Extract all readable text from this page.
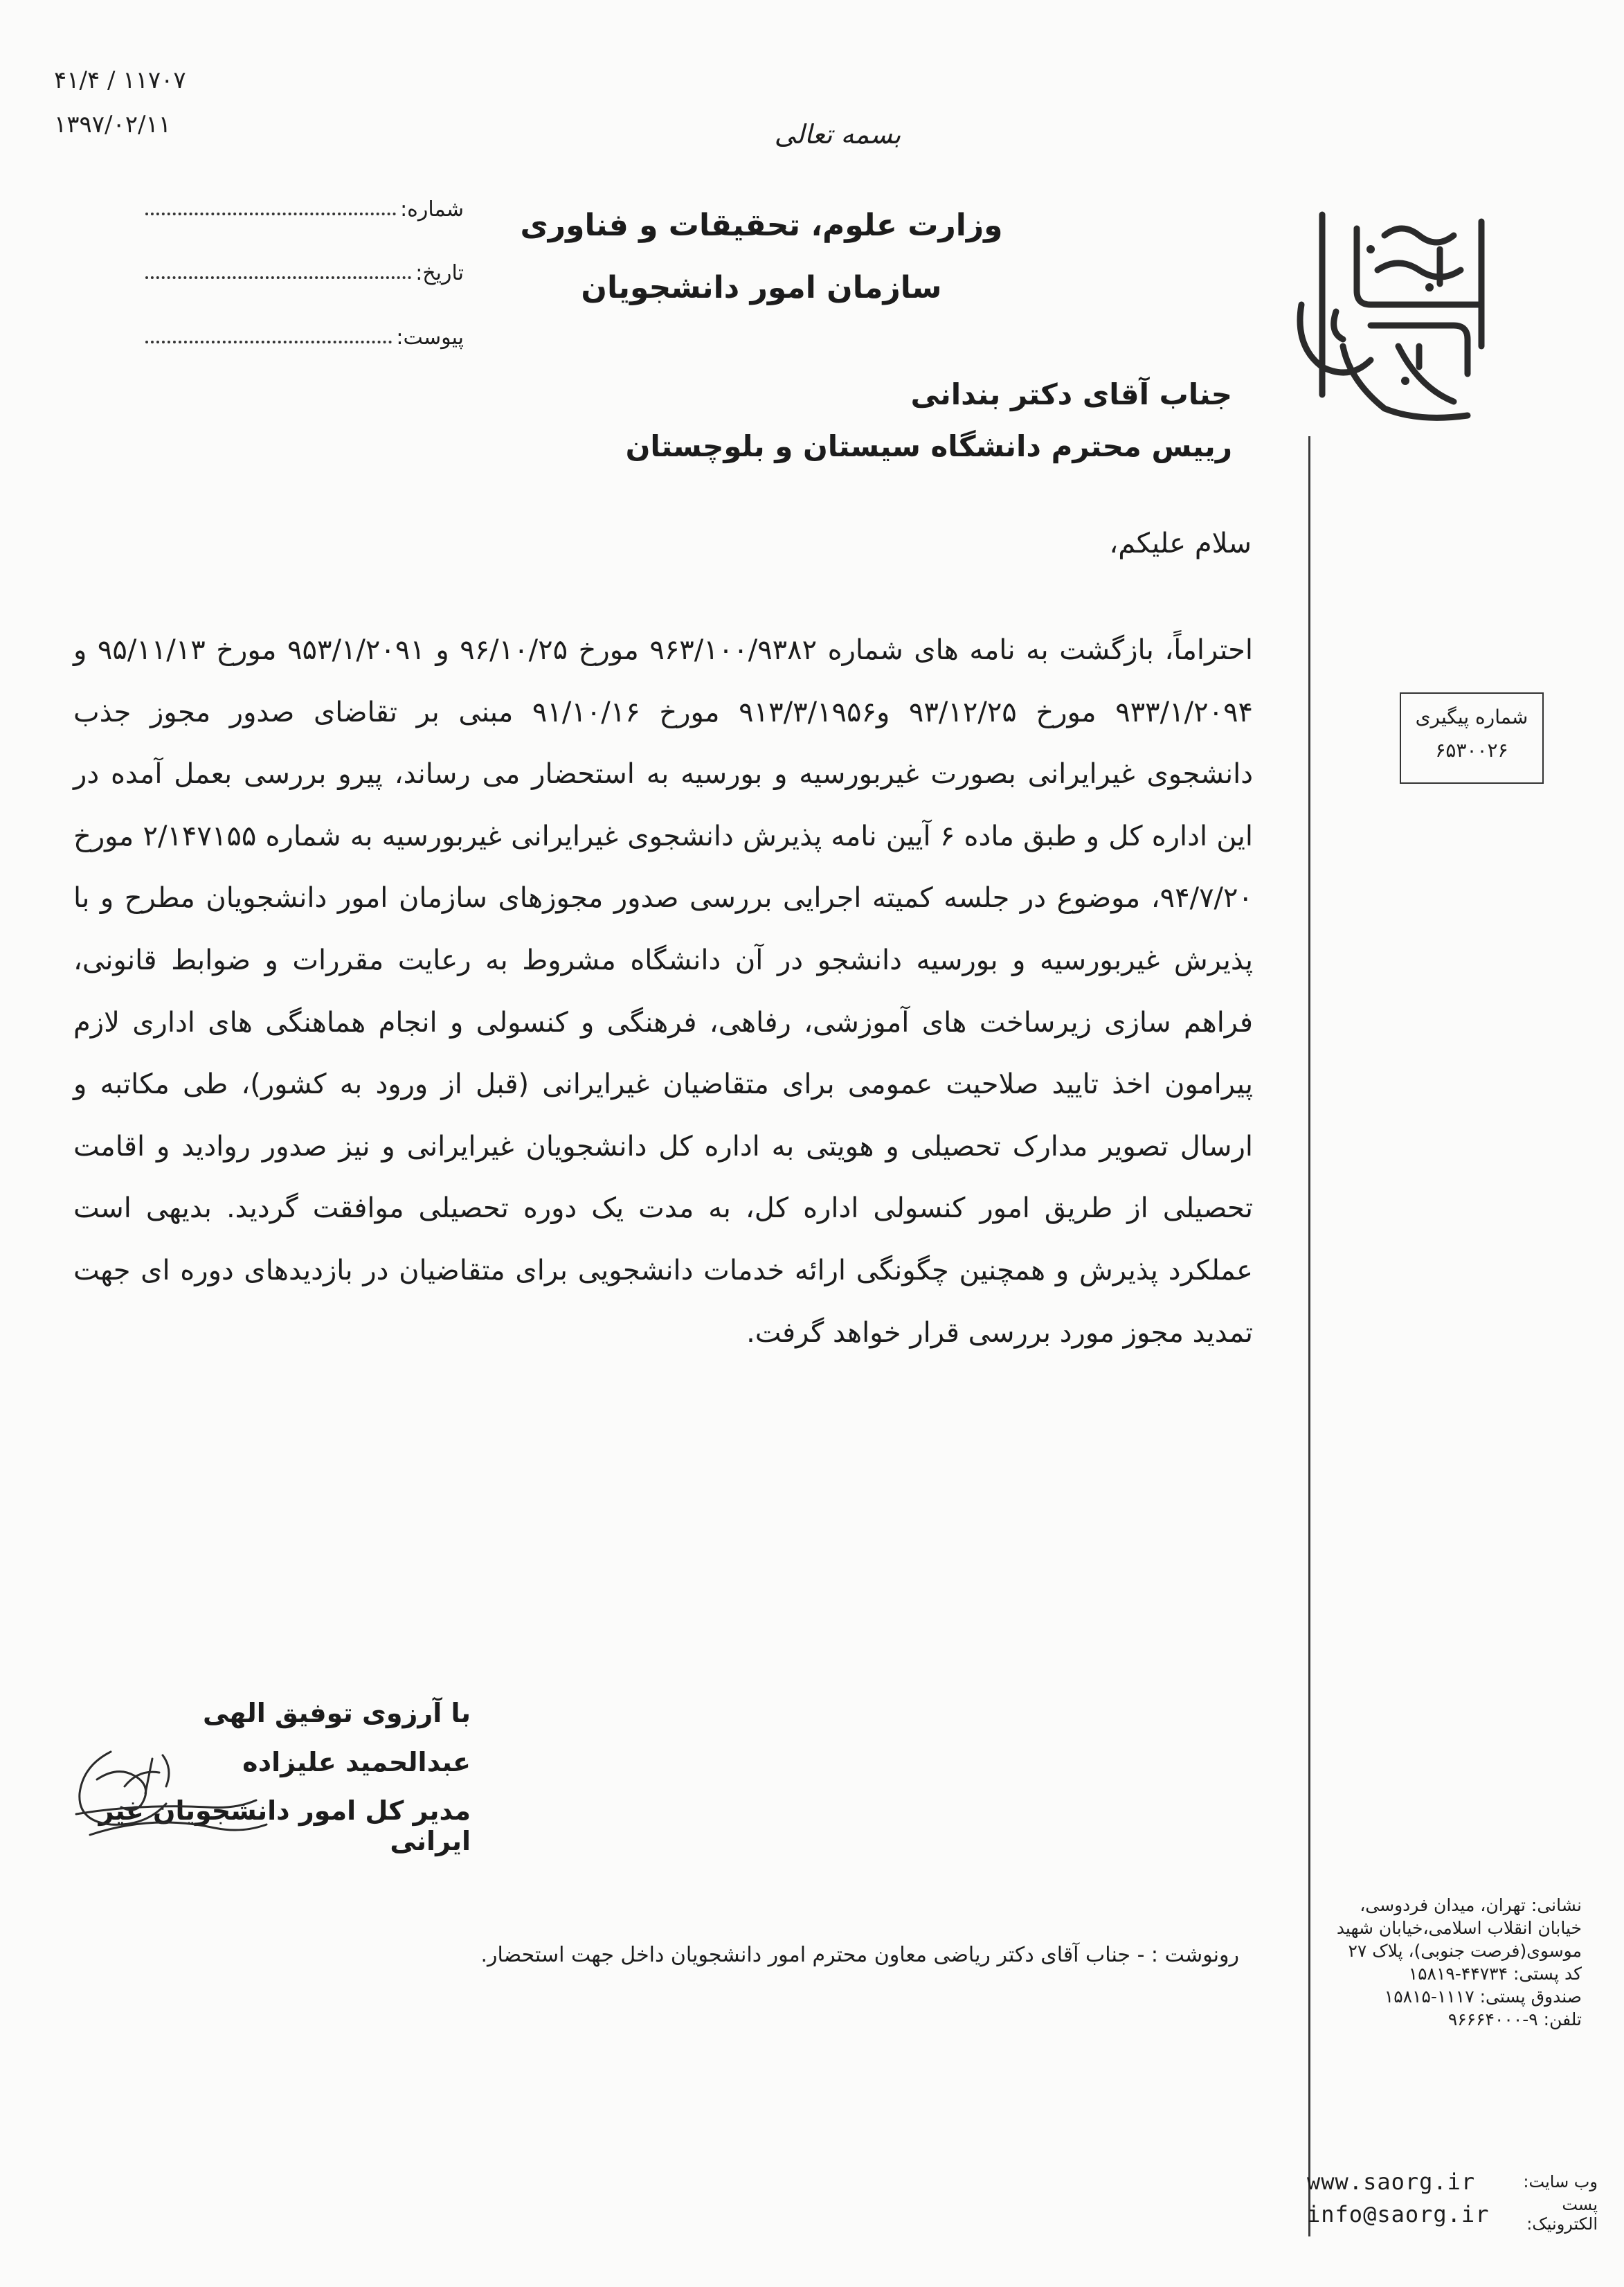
۴۱/۴ / ۱۱۷۰۷
۱۳۹۷/۰۲/۱۱	بسمه تعالی
وزارت علوم، تحقیقات و فناوری
سازمان امور دانشجویان
شماره:
تاریخ:
پیوست:
شماره پیگیری
۶۵۳۰۰۲۶
جناب آقای دکتر بندانی
رییس محترم دانشگاه سیستان و بلوچستان
سلام علیکم،

احتراماً، بازگشت به نامه های شماره ۹۶۳/۱۰۰/۹۳۸۲ مورخ ۹۶/۱۰/۲۵ و ۹۵۳/۱/۲۰۹۱ مورخ ۹۵/۱۱/۱۳ و ۹۳۳/۱/۲۰۹۴ مورخ ۹۳/۱۲/۲۵ و۹۱۳/۳/۱۹۵۶ مورخ ۹۱/۱۰/۱۶ مبنی بر تقاضای صدور مجوز جذب دانشجوی غیرایرانی بصورت غیربورسیه و بورسیه به استحضار می رساند، پیرو بررسی بعمل آمده در این اداره کل و طبق ماده ۶ آیین نامه پذیرش دانشجوی غیرایرانی غیربورسیه به شماره ۲/۱۴۷۱۵۵ مورخ ۹۴/۷/۲۰، موضوع در جلسه کمیته اجرایی بررسی صدور مجوزهای سازمان امور دانشجویان مطرح و با پذیرش غیربورسیه و بورسیه دانشجو در آن دانشگاه مشروط به رعایت مقررات و ضوابط قانونی، فراهم سازی زیرساخت های آموزشی، رفاهی، فرهنگی و کنسولی و انجام هماهنگی های اداری لازم پیرامون اخذ تایید صلاحیت عمومی برای متقاضیان غیرایرانی (قبل از ورود به کشور)، طی مکاتبه و ارسال تصویر مدارک تحصیلی و هویتی به اداره کل دانشجویان غیرایرانی و نیز صدور روادید و اقامت تحصیلی از طریق امور کنسولی اداره کل، به مدت یک دوره تحصیلی موافقت گردید. بدیهی است عملکرد پذیرش و همچنین چگونگی ارائه خدمات دانشجویی برای متقاضیان در بازدیدهای دوره ای جهت تمدید مجوز مورد بررسی قرار خواهد گرفت.

با آرزوی توفیق الهی
عبدالحمید علیزاده
مدیر کل امور دانشجویان غیر ایرانی
رونوشت : - جناب آقای دکتر ریاضی معاون محترم امور دانشجویان داخل جهت استحضار.
نشانی: تهران، میدان فردوسی،
خیابان انقلاب اسلامی،خیابان شهید
موسوی(فرصت جنوبی)، پلاک ۲۷
کد پستی: ۴۴۷۳۴-۱۵۸۱۹
صندوق پستی: ۱۱۱۷-۱۵۸۱۵
تلفن: ۹-۹۶۶۶۴۰۰۰
www.saorg.ir	وب سایت:
info@saorg.ir	پست الکترونیک:
